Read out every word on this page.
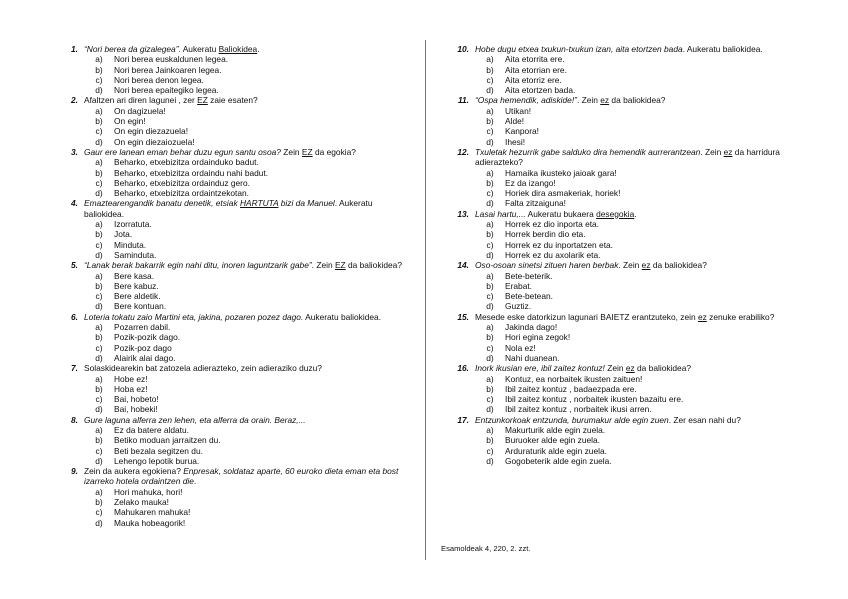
1. “Nori berea da gizalegea”. Aukeratu Baliokidea.
a)	Nori berea euskaldunen legea.
b)	Nori berea Jainkoaren legea.
c)	Nori berea denon legea.
d)	Nori berea epaitegiko legea.
2. Afaltzen ari diren lagunei , zer EZ zaie esaten?
a)	On dagizuela!
b)	On egin!
c)	On egin diezazuela!
d)	On egin diezaiozuela!
3. Gaur ere lanean eman behar duzu egun santu osoa? Zein EZ da egokia?
a)	Beharko, etxebizitza ordainduko badut.
b)	Beharko, etxebizitza ordaindu nahi badut.
c)	Beharko, etxebizitza ordainduz gero.
d)	Beharko, etxebizitza ordaintzekotan.
4. Emaztearengandik banatu denetik, etsiak HARTUTA bizi da Manuel. Aukeratu baliokidea.
a)	Izorratuta.
b)	Jota.
c)	Minduta.
d)	Saminduta.
5. “Lanak berak bakarrik egin nahi ditu, inoren laguntzarik gabe”. Zein EZ da baliokidea?
a)	Bere kasa.
b)	Bere kabuz.
c)	Bere aldetik.
d)	Bere kontuan.
6. Loteria tokatu zaio Martini eta, jakina, pozaren pozez dago. Aukeratu baliokidea.
a)	Pozarren dabil.
b)	Pozik-pozik dago.
c)	Pozik-poz dago
d)	Alairik alai dago.
7. Solaskidearekin bat zatozela adierazteko, zein adieraziko duzu?
a)	Hobe ez!
b)	Hoba ez!
c)	Bai, hobeto!
d)	Bai, hobeki!
8. Gure laguna alferra zen lehen, eta alferra da orain. Beraz,...
a)	Ez da batere aldatu.
b)	Betiko moduan jarraitzen du.
c)	Beti bezala segitzen du.
d)	Lehengo lepotik burua.
9. Zein da aukera egokiena? Enpresak, soldataz aparte, 60 euroko dieta eman eta bost izarreko hotela ordaintzen die.
a)	Hori mahuka, hori!
b)	Zelako mauka!
c)	Mahukaren mahuka!
d)	Mauka hobeagorik!
10. Hobe dugu etxea txukun-txukun izan, aita etortzen bada. Aukeratu baliokidea.
a)	Aita etorrita ere.
b)	Aita etorrian ere.
c)	Aita etorriz ere.
d)	Aita etortzen bada.
11. “Ospa hemendik, adiskide!”. Zein ez da baliokidea?
a)	Utikan!
b)	Alde!
c)	Kanpora!
d)	Ihesi!
12. Txuletak hezurrik gabe salduko dira hemendik aurrerantzean. Zein ez da harridura adierazteko?
a)	Hamaika ikusteko jaioak gara!
b)	Ez da izango!
c)	Horiek dira asmakeriak, horiek!
d)	Falta zitzaiguna!
13. Lasai hartu,... Aukeratu bukaera desegokia.
a)	Horrek ez dio inporta eta.
b)	Horrek berdin dio eta.
c)	Horrek ez du inportatzen eta.
d)	Horrek ez du axolarik eta.
14. Oso-osoan sinetsi zituen haren berbak. Zein ez da baliokidea?
a)	Bete-beterik.
b)	Erabat.
c)	Bete-betean.
d)	Guztiz.
15. Mesede eske datorkizun lagunari BAIETZ erantzuteko, zein ez zenuke erabiliko?
a)	Jakinda dago!
b)	Hori egina zegok!
c)	Nola ez!
d)	Nahi duanean.
16. Inork ikusian ere, ibil zaitez kontuz! Zein ez da baliokidea?
a)	Kontuz, ea norbaitek ikusten zaituen!
b)	Ibil zaitez kontuz , badaezpada ere.
c)	Ibil zaitez kontuz , norbaitek ikusten bazaitu ere.
d)	Ibil zaitez kontuz , norbaitek ikusi arren.
17. Entzunkorkoak entzunda, burumakur alde egin zuen. Zer esan nahi du?
a)	Makurturik alde egin zuela.
b)	Buruoker alde egin zuela.
c)	Arduraturik alde egin zuela.
d)	Gogobeterik alde egin zuela.
Esamoldeak 4, 220, 2. zzt.
